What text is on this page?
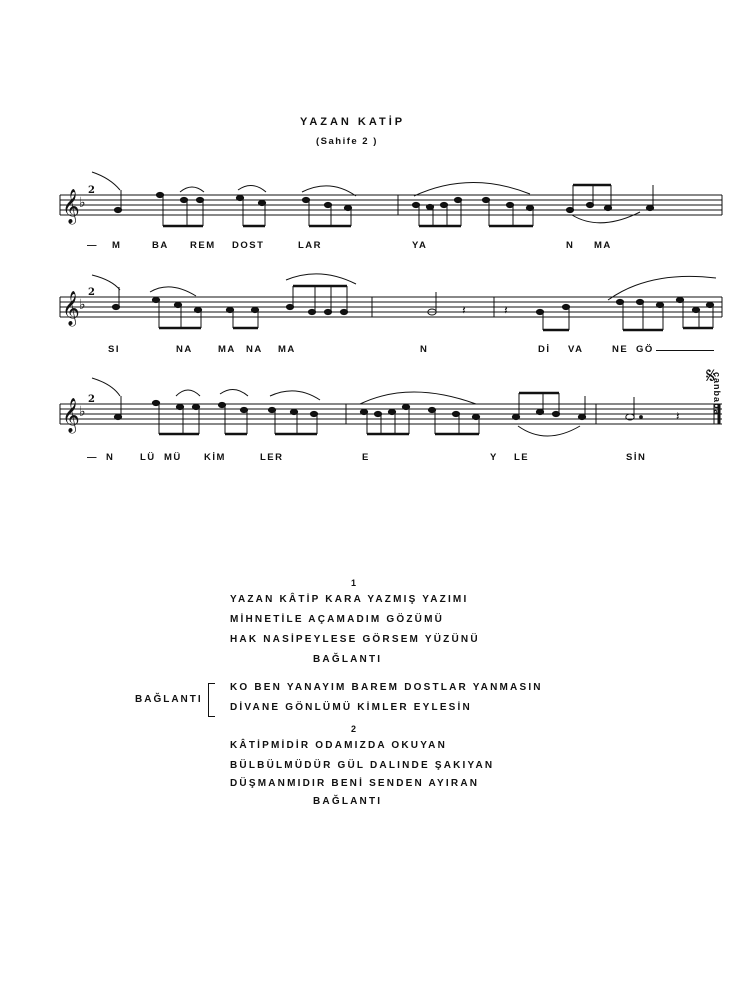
YAZAN KATİP
(Sahife 2 )
𝄞 ♭
2
𝄞 ♭
2
𝄞 ♭
2
𝄽	𝄽
𝄽
— M	BA REM DOST	LAR	YA	N MA
SI	NA	MA NA MA	N	Dİ VA	NE GÖ
— N	LÜ MÜ KİM	LER	E	Y LE	SİN
𝄋
canbaba
1
YAZAN KÂTİP KARA YAZMIŞ YAZIMI
MİHNETİLE AÇAMADIM GÖZÜMÜ
HAK NASİPEYLESE GÖRSEM YÜZÜNÜ
BAĞLANTI
BAĞLANTI
KO BEN YANAYIM BAREM DOSTLAR YANMASIN
DİVANE GÖNLÜMÜ KİMLER EYLESİN
2
KÂTİPMİDİR ODAMIZDA OKUYAN
BÜLBÜLMÜDÜR GÜL DALINDE ŞAKIYAN
DÜŞMANMIDIR BENİ SENDEN AYIRAN
BAĞLANTI
